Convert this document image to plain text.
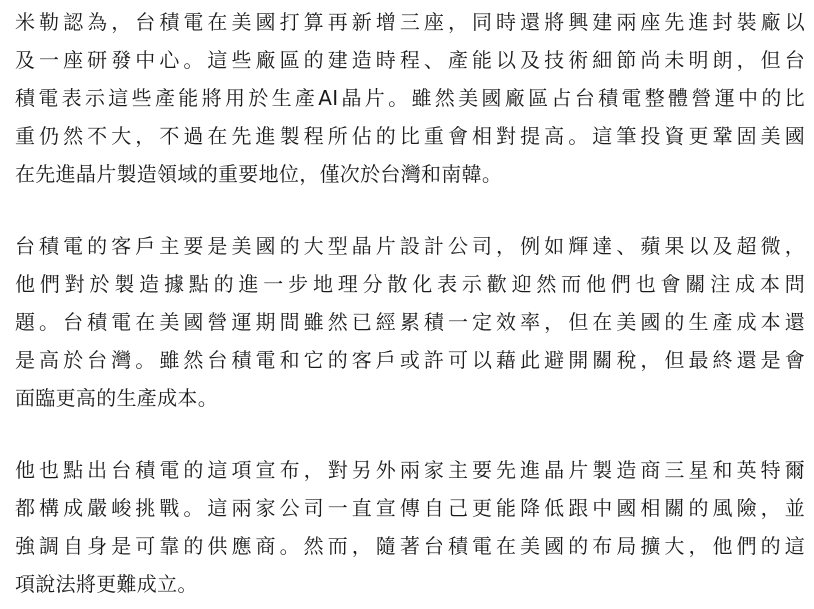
米勒認為，台積電在美國打算再新增三座，同時還將興建兩座先進封裝廠以
及一座研發中心。這些廠區的建造時程、產能以及技術細節尚未明朗，但台
積電表示這些產能將用於生產AI晶片。雖然美國廠區占台積電整體營運中的比
重仍然不大，不過在先進製程所佔的比重會相對提高。這筆投資更鞏固美國
在先進晶片製造領域的重要地位，僅次於台灣和南韓。
台積電的客戶主要是美國的大型晶片設計公司，例如輝達、蘋果以及超微，
他們對於製造據點的進一步地理分散化表示歡迎然而他們也會關注成本問
題。台積電在美國營運期間雖然已經累積一定效率，但在美國的生產成本還
是高於台灣。雖然台積電和它的客戶或許可以藉此避開關稅，但最終還是會
面臨更高的生產成本。
他也點出台積電的這項宣布，對另外兩家主要先進晶片製造商三星和英特爾
都構成嚴峻挑戰。這兩家公司一直宣傳自己更能降低跟中國相關的風險，並
強調自身是可靠的供應商。然而，隨著台積電在美國的布局擴大，他們的這
項說法將更難成立。
